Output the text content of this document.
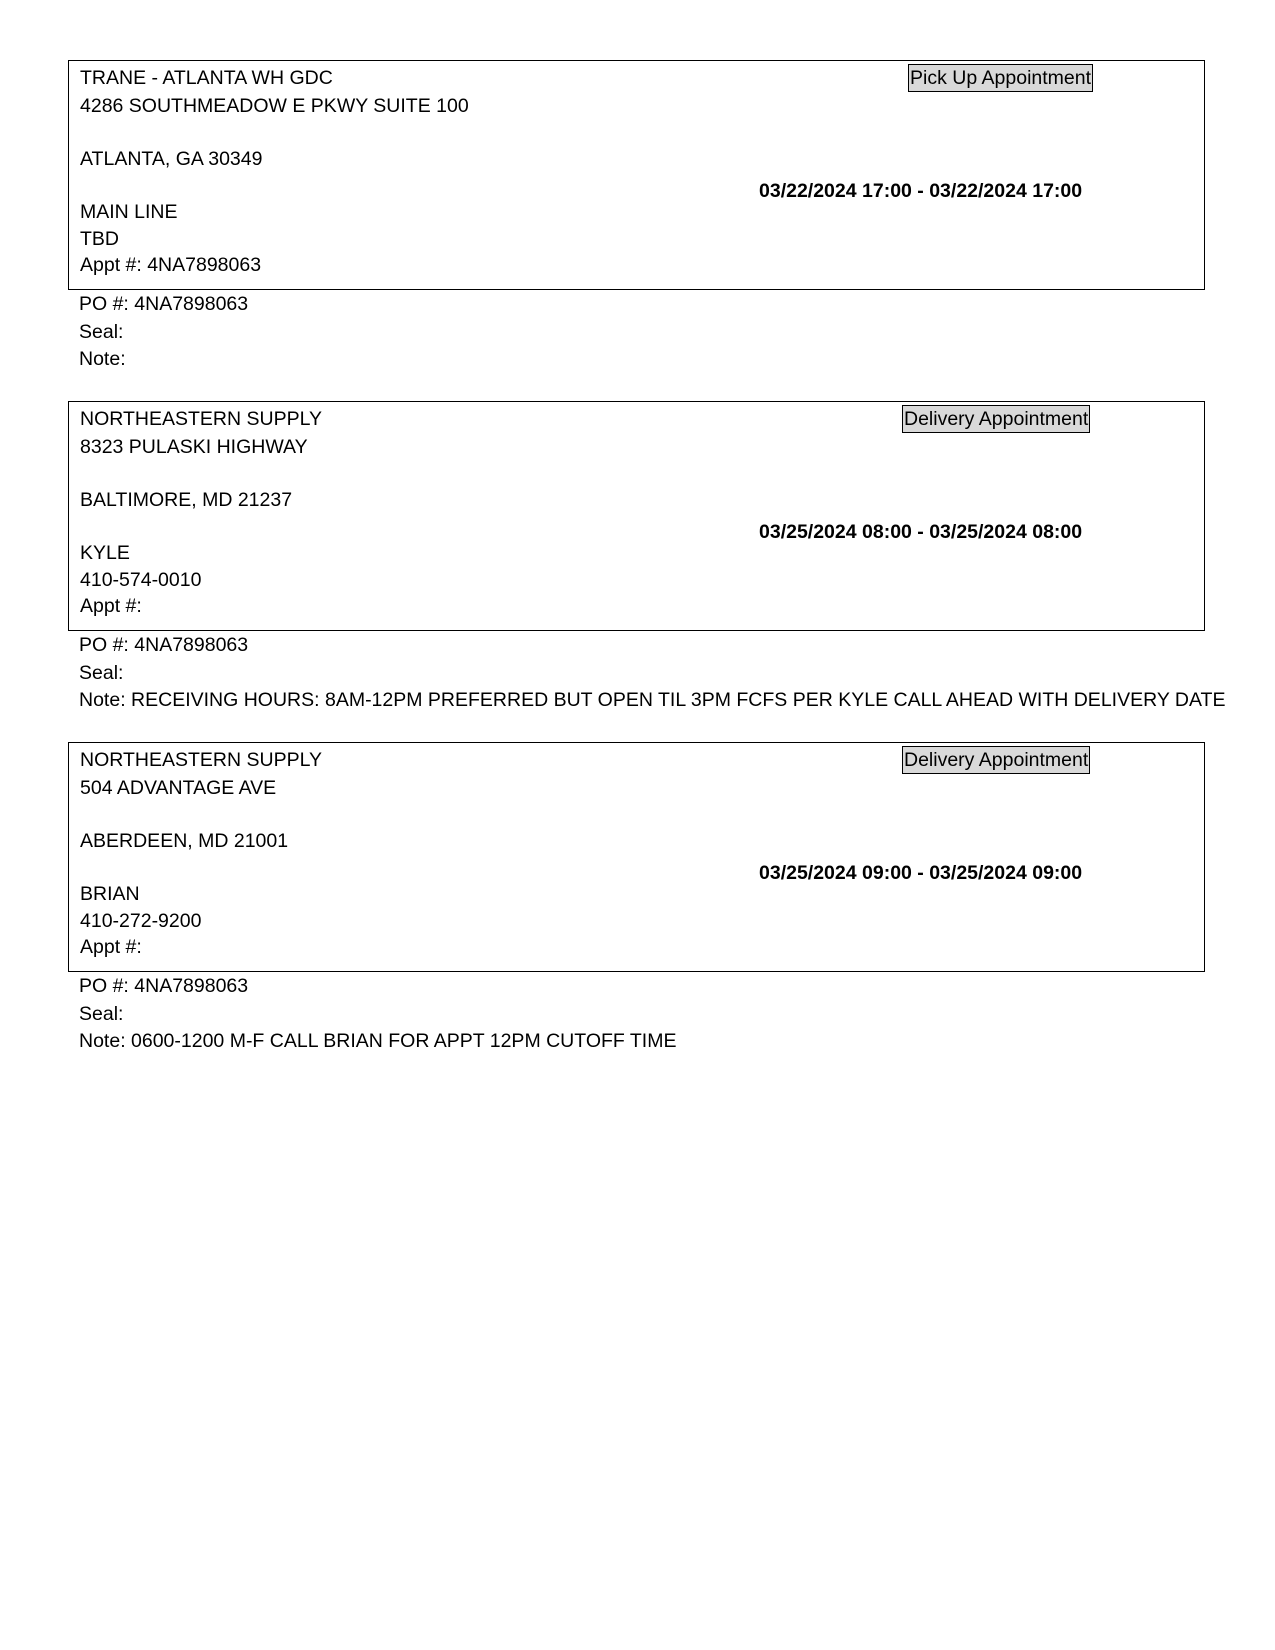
TRANE - ATLANTA WH GDC
4286 SOUTHMEADOW E PKWY SUITE 100
ATLANTA, GA 30349
03/22/2024 17:00 - 03/22/2024 17:00
MAIN LINE
TBD
Appt #: 4NA7898063
Pick Up Appointment
PO #: 4NA7898063
Seal:
Note:
NORTHEASTERN SUPPLY
8323 PULASKI HIGHWAY
BALTIMORE, MD 21237
03/25/2024 08:00 - 03/25/2024 08:00
KYLE
410-574-0010
Appt #:
Delivery Appointment
PO #: 4NA7898063
Seal:
Note: RECEIVING HOURS: 8AM-12PM PREFERRED BUT OPEN TIL 3PM FCFS PER KYLE CALL AHEAD WITH DELIVERY DATE
NORTHEASTERN SUPPLY
504 ADVANTAGE AVE
ABERDEEN, MD 21001
03/25/2024 09:00 - 03/25/2024 09:00
BRIAN
410-272-9200
Appt #:
Delivery Appointment
PO #: 4NA7898063
Seal:
Note: 0600-1200 M-F CALL BRIAN FOR APPT 12PM CUTOFF TIME
